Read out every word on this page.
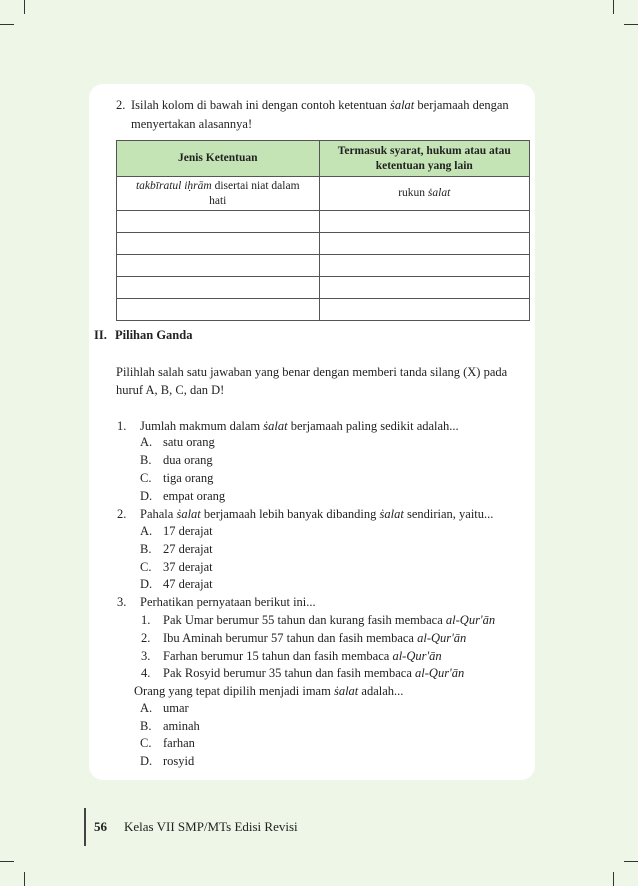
2. Isilah kolom di bawah ini dengan contoh ketentuan ṡalat berjamaah dengan
menyertakan alasannya!
Jenis Ketentuan	Termasuk syarat, hukum atau atau
ketentuan yang lain
takbīratul iḥrām disertai niat dalam
hati	rukun ṡalat

II. Pilihan Ganda
Pilihlah salah satu jawaban yang benar dengan memberi tanda silang (X) pada
huruf A, B, C, dan D!
1. Jumlah makmum dalam ṡalat berjamaah paling sedikit adalah...
A. satu orang
B. dua orang
C. tiga orang
D. empat orang
2. Pahala ṡalat berjamaah lebih banyak dibanding ṡalat sendirian, yaitu...
A. 17 derajat
B. 27 derajat
C. 37 derajat
D. 47 derajat
3. Perhatikan pernyataan berikut ini...
1. Pak Umar berumur 55 tahun dan kurang fasih membaca al-Qur'ān
2. Ibu Aminah berumur 57 tahun dan fasih membaca al-Qur'ān
3. Farhan berumur 15 tahun dan fasih membaca al-Qur'ān
4. Pak Rosyid berumur 35 tahun dan fasih membaca al-Qur'ān
Orang yang tepat dipilih menjadi imam ṡalat adalah...
A. umar
B. aminah
C. farhan
D. rosyid
56 Kelas VII SMP/MTs Edisi Revisi
